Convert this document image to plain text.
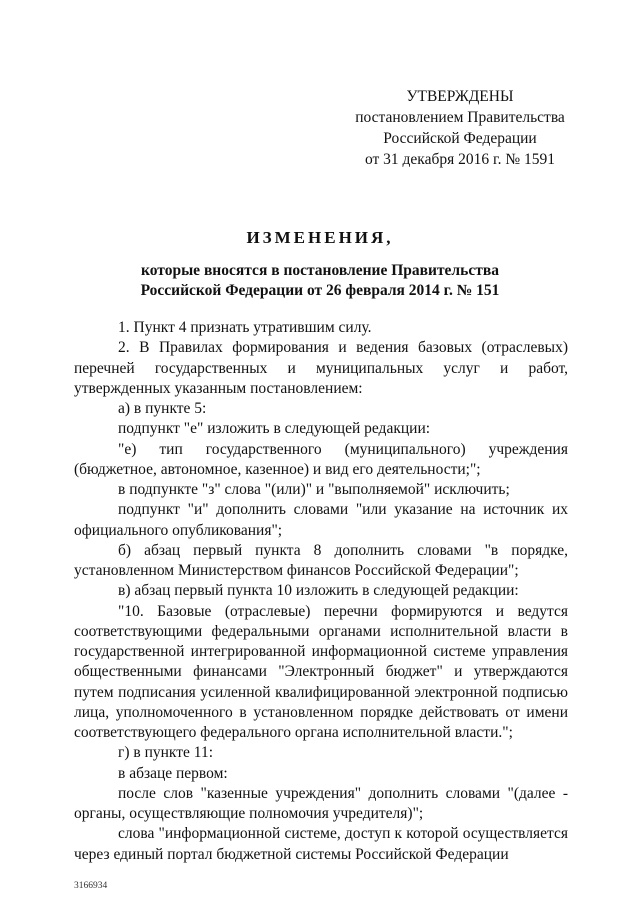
УТВЕРЖДЕНЫ
постановлением Правительства
Российской Федерации
от 31 декабря 2016 г. № 1591
ИЗМЕНЕНИЯ,
которые вносятся в постановление Правительства
Российской Федерации от 26 февраля 2014 г. № 151

1. Пункт 4 признать утратившим силу.

2. В Правилах формирования и ведения базовых (отраслевых) перечней государственных и муниципальных услуг и работ, утвержденных указанным постановлением:

а) в пункте 5:

подпункт "е" изложить в следующей редакции:

"е) тип государственного (муниципального) учреждения (бюджетное, автономное, казенное) и вид его деятельности;";

в подпункте "з" слова "(или)" и "выполняемой" исключить;

подпункт "и" дополнить словами "или указание на источник их официального опубликования";

б) абзац первый пункта 8 дополнить словами "в порядке, установленном Министерством финансов Российской Федерации";

в) абзац первый пункта 10 изложить в следующей редакции:

"10. Базовые (отраслевые) перечни формируются и ведутся соответствующими федеральными органами исполнительной власти в государственной интегрированной информационной системе управления общественными финансами "Электронный бюджет" и утверждаются путем подписания усиленной квалифицированной электронной подписью лица, уполномоченного в установленном порядке действовать от имени соответствующего федерального органа исполнительной власти.";

г) в пункте 11:

в абзаце первом:

после слов "казенные учреждения" дополнить словами "(далее - органы, осуществляющие полномочия учредителя)";

слова "информационной системе, доступ к которой осуществляется через единый портал бюджетной системы Российской Федерации

3166934
